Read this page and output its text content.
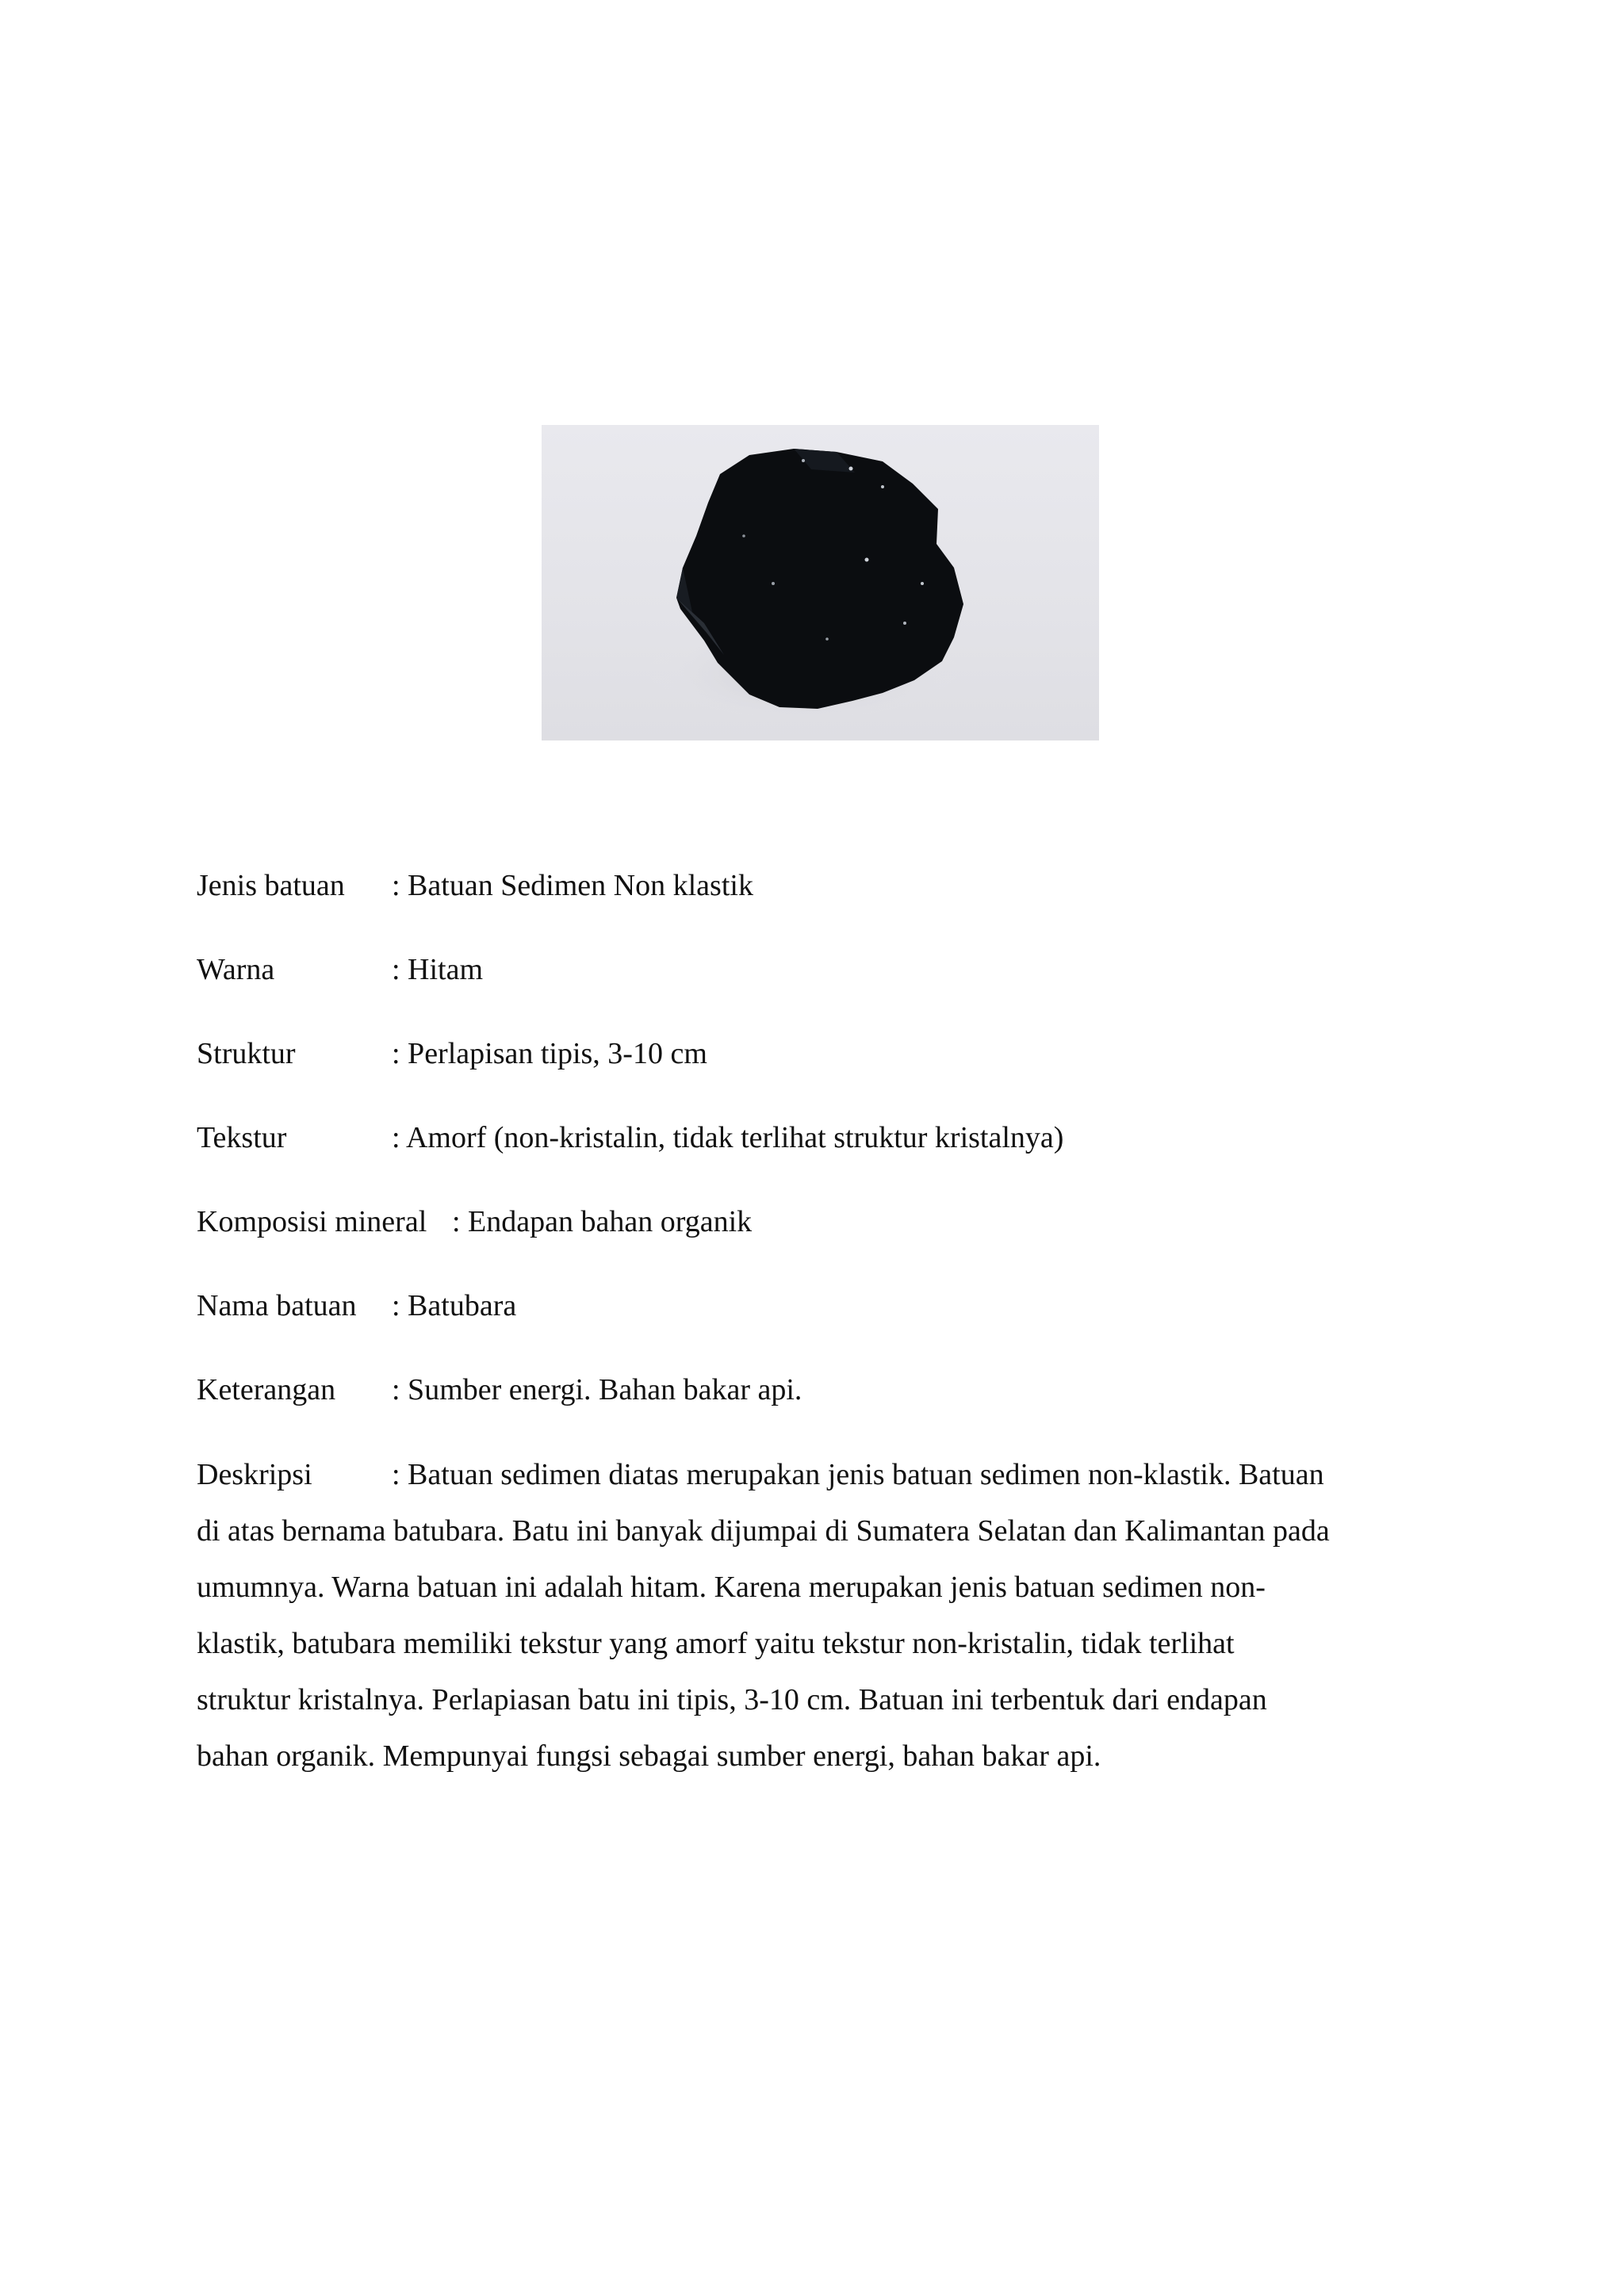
Jenis batuan : Batuan Sedimen Non klastik
Warna	: Hitam
Struktur	: Perlapisan tipis, 3-10 cm
Tekstur	: Amorf (non-kristalin, tidak terlihat struktur kristalnya)
Komposisi mineral : Endapan bahan organik
Nama batuan : Batubara
Keterangan : Sumber energi. Bahan bakar api.
Deskripsi	: Batuan sedimen diatas merupakan jenis batuan sedimen non-klastik. Batuan
di atas bernama batubara. Batu ini banyak dijumpai di Sumatera Selatan dan Kalimantan pada
umumnya. Warna batuan ini adalah hitam. Karena merupakan jenis batuan sedimen non-
klastik, batubara memiliki tekstur yang amorf yaitu tekstur non-kristalin, tidak terlihat
struktur kristalnya. Perlapiasan batu ini tipis, 3-10 cm. Batuan ini terbentuk dari endapan
bahan organik. Mempunyai fungsi sebagai sumber energi, bahan bakar api.
